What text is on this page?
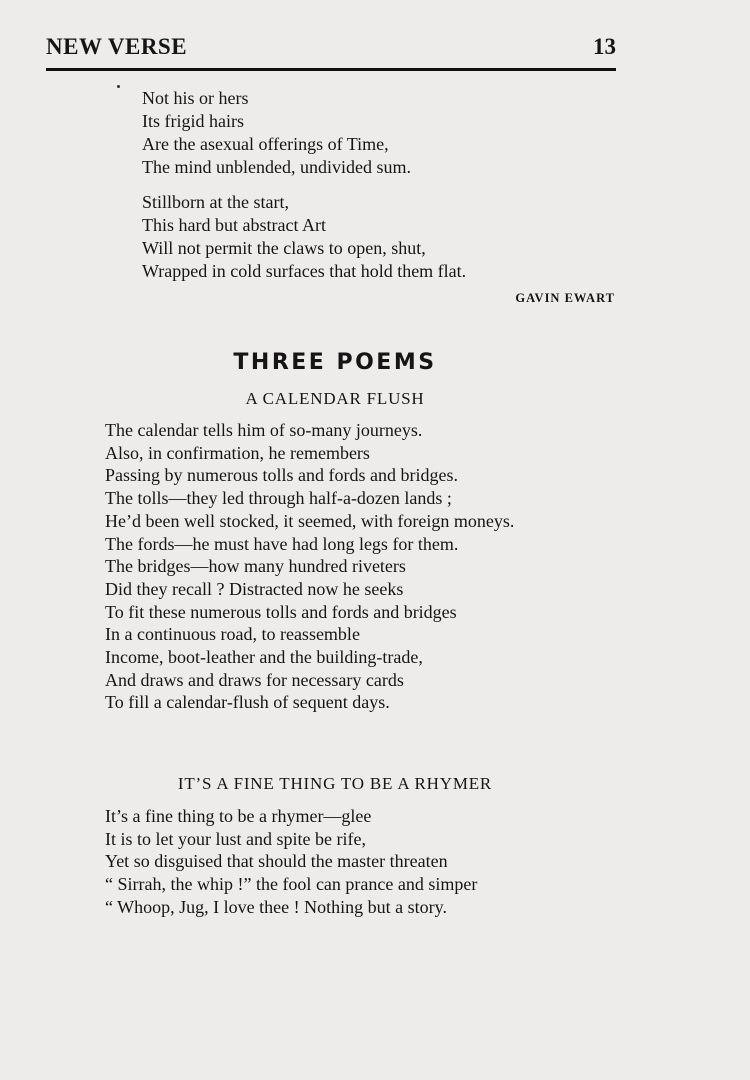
NEW VERSE	13
Not his or hers
Its frigid hairs
Are the asexual offerings of Time,
The mind unblended, undivided sum.
Stillborn at the start,
This hard but abstract Art
Will not permit the claws to open, shut,
Wrapped in cold surfaces that hold them flat.
GAVIN EWART
THREE POEMS
A CALENDAR FLUSH
The calendar tells him of so-many journeys.
Also, in confirmation, he remembers
Passing by numerous tolls and fords and bridges.
The tolls—they led through half-a-dozen lands ;
He’d been well stocked, it seemed, with foreign moneys.
The fords—he must have had long legs for them.
The bridges—how many hundred riveters
Did they recall ? Distracted now he seeks
To fit these numerous tolls and fords and bridges
In a continuous road, to reassemble
Income, boot-leather and the building-trade,
And draws and draws for necessary cards
To fill a calendar-flush of sequent days.
IT’S A FINE THING TO BE A RHYMER
It’s a fine thing to be a rhymer—glee
It is to let your lust and spite be rife,
Yet so disguised that should the master threaten
“ Sirrah, the whip !” the fool can prance and simper
“ Whoop, Jug, I love thee ! Nothing but a story.
